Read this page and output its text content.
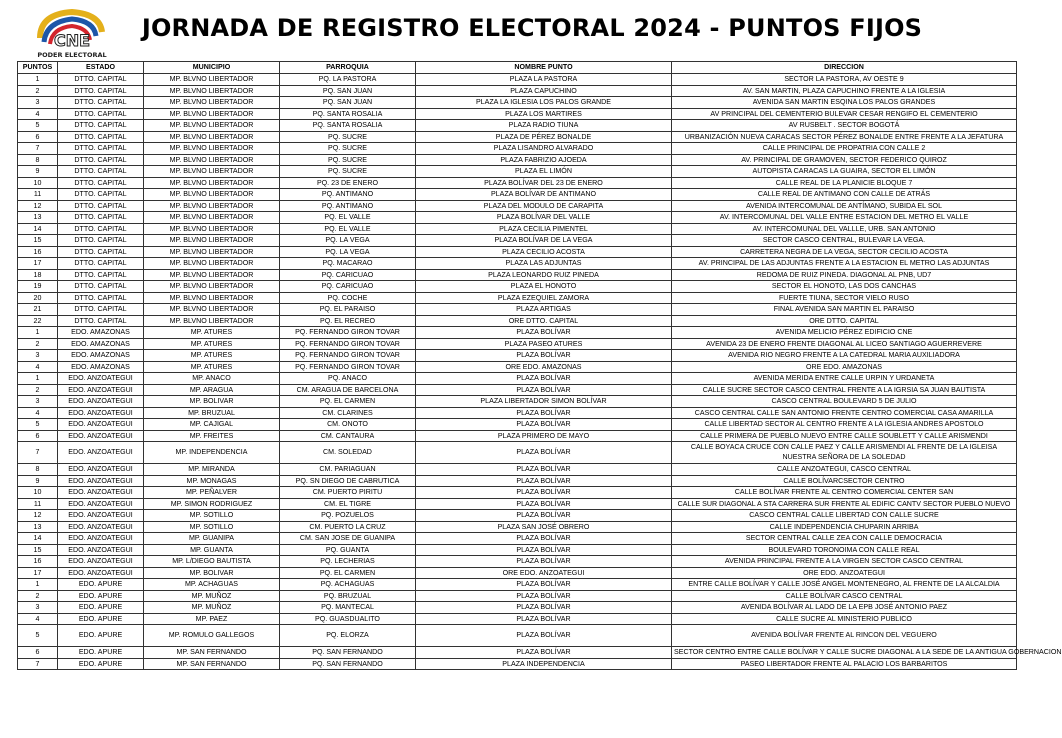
CNE
PODER ELECTORAL
JORNADA DE REGISTRO ELECTORAL 2024 - PUNTOS FIJOS
PUNTOS	ESTADO	MUNICIPIO	PARROQUIA	NOMBRE PUNTO	DIRECCION
1	DTTO. CAPITAL	MP. BLVNO LIBERTADOR	PQ. LA PASTORA	PLAZA LA PASTORA	SECTOR LA PASTORA, AV OESTE 9
2	DTTO. CAPITAL	MP. BLVNO LIBERTADOR	PQ. SAN JUAN	PLAZA CAPUCHINO	AV. SAN MARTIN, PLAZA CAPUCHINO FRENTE A LA IGLESIA
3	DTTO. CAPITAL	MP. BLVNO LIBERTADOR	PQ. SAN JUAN	PLAZA LA IGLESIA LOS PALOS GRANDE	AVENIDA SAN MARTIN ESQINA LOS PALOS GRANDES
4	DTTO. CAPITAL	MP. BLVNO LIBERTADOR	PQ. SANTA ROSALIA	PLAZA LOS MARTIRES	AV PRINCIPAL DEL CEMENTERIO BULEVAR CESAR RENGIFO EL CEMENTERIO
5	DTTO. CAPITAL	MP. BLVNO LIBERTADOR	PQ. SANTA ROSALIA	PLAZA RADIO TIUNA	AV RUSBELT . SECTOR BOGOTÁ
6	DTTO. CAPITAL	MP. BLVNO LIBERTADOR	PQ. SUCRE	PLAZA DE PÉREZ BONALDE	URBANIZACIÓN NUEVA CARACAS SECTOR PÉREZ BONALDE ENTRE FRENTE A LA JEFATURA
7	DTTO. CAPITAL	MP. BLVNO LIBERTADOR	PQ. SUCRE	PLAZA LISANDRO ALVARADO	CALLE PRINCIPAL DE PROPATRIA CON CALLE 2
8	DTTO. CAPITAL	MP. BLVNO LIBERTADOR	PQ. SUCRE	PLAZA FABRIZIO AJOEDA	AV. PRINCIPAL DE GRAMOVEN, SECTOR FEDERICO QUIROZ
9	DTTO. CAPITAL	MP. BLVNO LIBERTADOR	PQ. SUCRE	PLAZA EL LIMÓN	AUTOPISTA CARACAS LA GUAIRA, SECTOR EL LIMÓN
10	DTTO. CAPITAL	MP. BLVNO LIBERTADOR	PQ. 23 DE ENERO	PLAZA BOLÍVAR DEL 23 DE ENERO	CALLE REAL DE LA PLANICIE BLOQUE 7
11	DTTO. CAPITAL	MP. BLVNO LIBERTADOR	PQ. ANTIMANO	PLAZA BOLÍVAR DE ANTIMANO	CALLE REAL DE ANTIMANO CON CALLE DE ATRÁS
12	DTTO. CAPITAL	MP. BLVNO LIBERTADOR	PQ. ANTIMANO	PLAZA DEL MODULO DE CARAPITA	AVENIDA INTERCOMUNAL DE ANTÍMANO, SUBIDA EL SOL
13	DTTO. CAPITAL	MP. BLVNO LIBERTADOR	PQ. EL VALLE	PLAZA BOLÍVAR DEL VALLE	AV. INTERCOMUNAL DEL VALLE ENTRE ESTACION DEL METRO EL VALLE
14	DTTO. CAPITAL	MP. BLVNO LIBERTADOR	PQ. EL VALLE	PLAZA CECILIA PIMENTEL	AV. INTERCOMUNAL DEL VALLLE, URB. SAN ANTONIO
15	DTTO. CAPITAL	MP. BLVNO LIBERTADOR	PQ. LA VEGA	PLAZA BOLÍVAR DE LA VEGA	SECTOR CASCO CENTRAL, BULEVAR LA VEGA.
16	DTTO. CAPITAL	MP. BLVNO LIBERTADOR	PQ. LA VEGA	PLAZA CECILIO ACOSTA	CARRETERA NEGRA DE LA VEGA, SECTOR CECILIO ACOSTA
17	DTTO. CAPITAL	MP. BLVNO LIBERTADOR	PQ. MACARAO	PLAZA LAS ADJUNTAS	AV. PRINCIPAL DE LAS ADJUNTAS FRENTE A LA ESTACION EL METRO LAS ADJUNTAS
18	DTTO. CAPITAL	MP. BLVNO LIBERTADOR	PQ. CARICUAO	PLAZA LEONARDO RUIZ PINEDA	REDOMA DE RUIZ PINEDA. DIAGONAL AL PNB, UD7
19	DTTO. CAPITAL	MP. BLVNO LIBERTADOR	PQ. CARICUAO	PLAZA EL HONOTO	SECTOR EL HONOTO, LAS DOS CANCHAS
20	DTTO. CAPITAL	MP. BLVNO LIBERTADOR	PQ. COCHE	PLAZA EZEQUIEL ZAMORA	FUERTE TIUNA, SECTOR VIELO RUSO
21	DTTO. CAPITAL	MP. BLVNO LIBERTADOR	PQ. EL PARAISO	PLAZA ARTIGAS	FINAL AVENIDA SAN MARTIN EL PARAISO
22	DTTO. CAPITAL	MP. BLVNO LIBERTADOR	PQ. EL RECREO	ORE DTTO. CAPITAL	ORE DTTO. CAPITAL
1	EDO. AMAZONAS	MP. ATURES	PQ. FERNANDO GIRON TOVAR	PLAZA BOLÍVAR	AVENIDA MELICIO PÉREZ EDIFICIO CNE
2	EDO. AMAZONAS	MP. ATURES	PQ. FERNANDO GIRON TOVAR	PLAZA PASEO ATURES	AVENIDA 23 DE ENERO FRENTE DIAGONAL AL LICEO SANTIAGO AGUERREVERE
3	EDO. AMAZONAS	MP. ATURES	PQ. FERNANDO GIRON TOVAR	PLAZA BOLÍVAR	AVENIDA RIO NEGRO FRENTE A LA CATEDRAL MARIA AUXILIADORA
4	EDO. AMAZONAS	MP. ATURES	PQ. FERNANDO GIRON TOVAR	ORE EDO. AMAZONAS	ORE EDO. AMAZONAS
1	EDO. ANZOATEGUI	MP. ANACO	PQ. ANACO	PLAZA BOLÍVAR	AVENIDA MERIDA ENTRE CALLE URPIN Y URDANETA
2	EDO. ANZOATEGUI	MP. ARAGUA	CM. ARAGUA DE BARCELONA	PLAZA BOLÍVAR	CALLE SUCRE SECTOR CASCO CENTRAL FRENTE A LA IGRSIA SA JUAN BAUTISTA
3	EDO. ANZOATEGUI	MP. BOLIVAR	PQ. EL CARMEN	PLAZA LIBERTADOR SIMON BOLÍVAR	CASCO CENTRAL BOULEVARD 5 DE JULIO
4	EDO. ANZOATEGUI	MP. BRUZUAL	CM. CLARINES	PLAZA BOLÍVAR	CASCO CENTRAL CALLE SAN ANTONIO FRENTE CENTRO COMERCIAL CASA AMARILLA
5	EDO. ANZOATEGUI	MP. CAJIGAL	CM. ONOTO	PLAZA BOLÍVAR	CALLE LIBERTAD SECTOR AL CENTRO FRENTE A LA IGLESIA ANDRES APOSTOLO
6	EDO. ANZOATEGUI	MP. FREITES	CM. CANTAURA	PLAZA PRIMERO DE MAYO	CALLE PRIMERA DE PUEBLO NUEVO ENTRE CALLE SOUBLETT Y CALLE ARISMENDI
7	EDO. ANZOATEGUI	MP. INDEPENDENCIA	CM. SOLEDAD	PLAZA BOLÍVAR	CALLE BOYACA CRUCE CON CALLE PAEZ Y CALLE ARISMENDI AL FRENTE DE LA IGLEISA NUESTRA SEÑORA DE LA SOLEDAD
8	EDO. ANZOATEGUI	MP. MIRANDA	CM. PARIAGUAN	PLAZA BOLÍVAR	CALLE ANZOATEGUI, CASCO CENTRAL
9	EDO. ANZOATEGUI	MP. MONAGAS	PQ. SN DIEGO DE CABRUTICA	PLAZA BOLÍVAR	CALLE BOLÍVARCSECTOR CENTRO
10	EDO. ANZOATEGUI	MP. PEÑALVER	CM. PUERTO PIRITU	PLAZA BOLÍVAR	CALLE BOLÍVAR FRENTE AL CENTRO COMERCIAL CENTER SAN
11	EDO. ANZOATEGUI	MP. SIMON RODRIGUEZ	CM. EL TIGRE	PLAZA BOLÍVAR	CALLE SUR DIAGONAL A STA CARRERA SUR FRENTE AL EDIFIC CANTV SECTOR PUEBLO NUEVO
12	EDO. ANZOATEGUI	MP. SOTILLO	PQ. POZUELOS	PLAZA BOLÍVAR	CASCO CENTRAL CALLE LIBERTAD CON CALLE SUCRE
13	EDO. ANZOATEGUI	MP. SOTILLO	CM. PUERTO LA CRUZ	PLAZA SAN JOSÉ OBRERO	CALLE INDEPENDENCIA CHUPARIN ARRIBA
14	EDO. ANZOATEGUI	MP. GUANIPA	CM. SAN JOSE DE GUANIPA	PLAZA BOLÍVAR	SECTOR CENTRAL CALLE ZEA CON CALLE DEMOCRACIA
15	EDO. ANZOATEGUI	MP. GUANTA	PQ. GUANTA	PLAZA BOLÍVAR	BOULEVARD TORONOIMA CON CALLE REAL
16	EDO. ANZOATEGUI	MP. L/DIEGO BAUTISTA	PQ. LECHERIAS	PLAZA BOLÍVAR	AVENIDA PRINCIPAL FRENTE A LA VIRGEN SECTOR CASCO CENTRAL
17	EDO. ANZOATEGUI	MP. BOLIVAR	PQ. EL CARMEN	ORE EDO. ANZOATEGUI	ORE EDO. ANZOATEGUI
1	EDO. APURE	MP. ACHAGUAS	PQ. ACHAGUAS	PLAZA BOLÍVAR	ENTRE CALLE BOLÍVAR Y CALLE JOSÉ ANGEL MONTENEGRO, AL FRENTE DE LA ALCALDIA
2	EDO. APURE	MP. MUÑOZ	PQ. BRUZUAL	PLAZA BOLÍVAR	CALLE BOLÍVAR CASCO CENTRAL
3	EDO. APURE	MP. MUÑOZ	PQ. MANTECAL	PLAZA BOLÍVAR	AVENIDA BOLÍVAR AL LADO DE LA EPB JOSÉ ANTONIO PAEZ
4	EDO. APURE	MP. PAEZ	PQ. GUASDUALITO	PLAZA BOLÍVAR	CALLE SUCRE AL MINISTERIO PUBLICO
5	EDO. APURE	MP. ROMULO GALLEGOS	PQ. ELORZA	PLAZA BOLÍVAR	AVENIDA BOLÍVAR FRENTE AL RINCON DEL VEGUERO
6	EDO. APURE	MP. SAN FERNANDO	PQ. SAN FERNANDO	PLAZA BOLÍVAR	SECTOR CENTRO ENTRE CALLE BOLÍVAR Y CALLE SUCRE DIAGONAL A LA SEDE DE LA ANTIGUA GOBERNACION
7	EDO. APURE	MP. SAN FERNANDO	PQ. SAN FERNANDO	PLAZA INDEPENDENCIA	PASEO LIBERTADOR FRENTE AL PALACIO LOS BARBARITOS
